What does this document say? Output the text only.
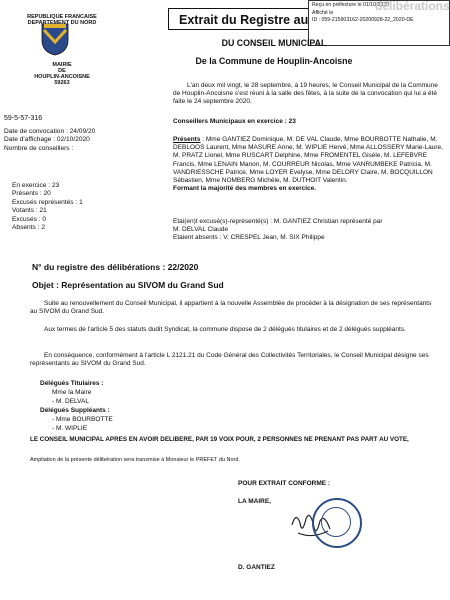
REPUBLIQUE FRANCAISE
DEPARTEMENT DU NORD
MAIRIE
DE
HOUPLIN-ANCOISNE
59263
Extrait du Registre au
délibérations
Reçu en préfecture le 01/10/2020
Affiché le
ID : 059-215903162-20200928-22_2020-DE
DU CONSEIL MUNICIPAL
De la Commune de Houplin-Ancoisne
59-5-57-316
Date de convocation : 24/09/20
Date d'affichage : 02/10/2020
Nombre de conseillers :
En exercice : 23
Présents : 20
Excusés représentés : 1
Votants : 21
Excusés : 0
Absents : 2
L'an deux mil vingt, le 28 septembre, à 19 heures, le Conseil Municipal de la Commune de Houplin-Ancoisne s'est réuni à la salle des fêtes, à la suite de la convocation qui lui a été faite le 24 septembre 2020.
Conseillers Municipaux en exercice : 23
Présents : Mme GANTIEZ Dominique, M. DE VAL Claude, Mme BOURBOTTE Nathalie, M. DEBLOOS Laurent, Mme MASURE Anne, M. WIPLIE Hervé, Mme ALLOSSERY Marie-Laure, M. PRATZ Lionel, Mme RUSCART Delphine, Mme FROMENTEL Gisèle, M. LEFEBVRE Francis, Mme LENAIN Manon, M. COURREUR Nicolas, Mme VANRUMBEKE Patricia, M. VANDRIESSCHE Patrice, Mme LOYER Evelyse, Mme DELORY Claire, M. BOCQUILLON Sébastien, Mme NOMBERG Michèle, M. DUTHOIT Valentin.
Formant la majorité des membres en exercice.
Etai(en)t excusé(s)-représenté(s) : M. GANTIEZ Christian représenté par
M. DELVAL Claude
Etaient absents : V. CRESPEL Jean, M. SIX Philippe
N° du registre des délibérations : 22/2020
Objet : Représentation au SIVOM du Grand Sud
Suite au renouvellement du Conseil Municipal, il appartient à la nouvelle Assemblée de procéder à la désignation de ses représentants au SIVOM du Grand Sud.
Aux termes de l'article 5 des statuts dudit Syndicat, la commune dispose de 2 délégués titulaires et de 2 délégués suppléants.
En conséquence, conformément à l'article L 2121.21 du Code Général des Collectivités Territoriales, le Conseil Municipal désigne ses représentants au SIVOM du Grand Sud.
Délégués Titulaires :
Mme la Maire
- M. DELVAL
Délégués Suppléants :
- Mme BOURBOTTE
- M. WIPLIE
LE CONSEIL MUNICIPAL APRES EN AVOIR DELIBERE, PAR 19 VOIX POUR, 2 PERSONNES NE PRENANT PAS PART AU VOTE,
Ampliation de la présente délibération sera transmise à Monsieur le PREFET du Nord.
POUR EXTRAIT CONFORME :
LA MAIRE,
D. GANTIEZ
